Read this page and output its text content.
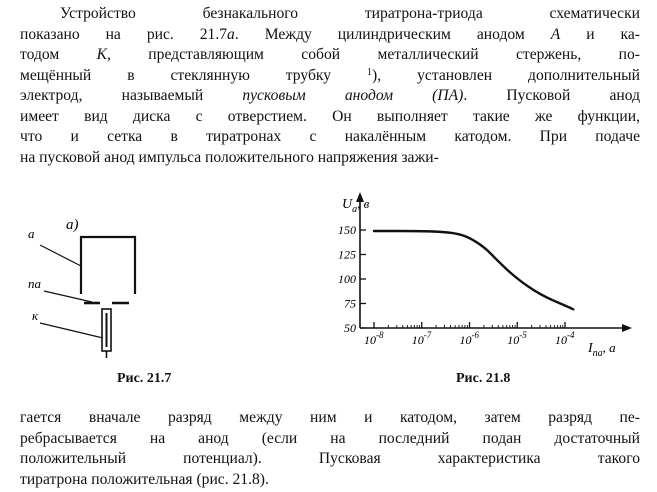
Устройство безнакального тиратрона-триода схематически
показано на рис. 21.7а. Между цилиндрическим анодом А и ка-
тодом К, представляющим собой металлический стержень, по-
мещённый в стеклянную трубку $^1$), установлен дополнительный
электрод, называемый пусковым анодом (ПА). Пусковой анод
имеет вид диска с отверстием. Он выполняет такие же функции,
что и сетка в тиратронах с накалённым катодом. При подаче
на пусковой анод импульса положительного напряжения зажи-
а)
а
па
к
Рис. 21.7
50
75
100
125
150
$10^{-8}$ $10^{-7}$ $10^{-6}$ $10^{-5}$ $10^{-4}$
$U_а$, в
$I_{па}$, а
Рис. 21.8
гается вначале разряд между ним и катодом, затем разряд пе-
ребрасывается на анод (если на последний подан достаточный
положительный потенциал). Пусковая характеристика такого
тиратрона положительная (рис. 21.8).
